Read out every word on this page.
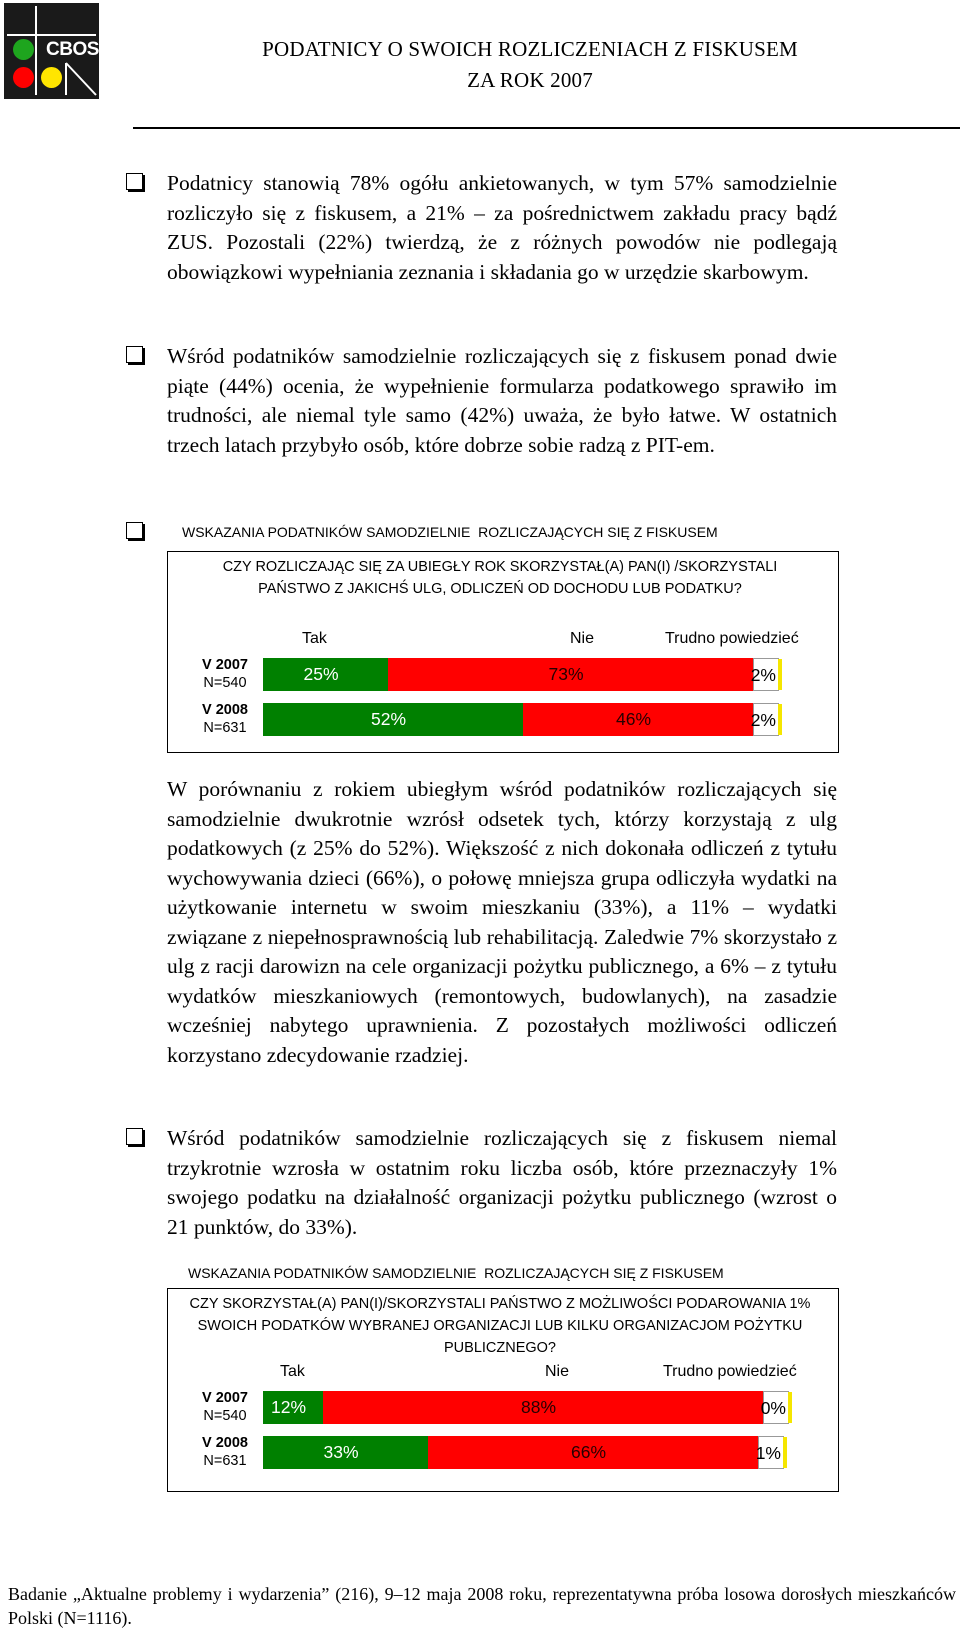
CBOS	PODATNICY O SWOICH ROZLICZENIACH Z FISKUSEM
ZA ROK 2007
Podatnicy stanowią 78% ogółu ankietowanych, w tym 57% samodzielnie rozliczyło się z fiskusem, a 21% – za pośrednictwem zakładu pracy bądź ZUS. Pozostali (22%) twierdzą, że z różnych powodów nie podlegają obowiązkowi wypełniania zeznania i składania go w urzędzie skarbowym.
Wśród podatników samodzielnie rozliczających się z fiskusem ponad dwie piąte (44%) ocenia, że wypełnienie formularza podatkowego sprawiło im trudności, ale niemal tyle samo (42%) uważa, że było łatwe. W ostatnich trzech latach przybyło osób, które dobrze sobie radzą z PIT-em.
WSKAZANIA PODATNIKÓW SAMODZIELNIE  ROZLICZAJĄCYCH SIĘ Z FISKUSEM
CZY ROZLICZAJĄC SIĘ ZA UBIEGŁY ROK SKORZYSTAŁ(A) PAN(I) /SKORZYSTALI PAŃSTWO Z JAKICHŚ ULG, ODLICZEŃ OD DOCHODU LUB PODATKU?
Tak	Nie	Trudno powiedzieć
V 2007
N=540	25%	73%	2%
V 2008
N=631	52%	46%	2%
W porównaniu z rokiem ubiegłym wśród podatników rozliczających się samodzielnie dwukrotnie wzrósł odsetek tych, którzy korzystają z ulg podatkowych (z 25% do 52%). Większość z nich dokonała odliczeń z tytułu wychowywania dzieci (66%), o połowę mniejsza grupa odliczyła wydatki na użytkowanie internetu w swoim mieszkaniu (33%), a 11% – wydatki związane z niepełnosprawnością lub rehabilitacją. Zaledwie 7% skorzystało z ulg z racji darowizn na cele organizacji pożytku publicznego, a 6% – z tytułu wydatków mieszkaniowych (remontowych, budowlanych), na zasadzie wcześniej nabytego uprawnienia. Z pozostałych możliwości odliczeń korzystano zdecydowanie rzadziej.
Wśród podatników samodzielnie rozliczających się z fiskusem niemal trzykrotnie wzrosła w ostatnim roku liczba osób, które przeznaczyły 1% swojego podatku na działalność organizacji pożytku publicznego (wzrost o 21 punktów, do 33%).
WSKAZANIA PODATNIKÓW SAMODZIELNIE  ROZLICZAJĄCYCH SIĘ Z FISKUSEM
CZY SKORZYSTAŁ(A) PAN(I)/SKORZYSTALI PAŃSTWO Z MOŻLIWOŚCI PODAROWANIA 1% SWOICH PODATKÓW WYBRANEJ ORGANIZACJI LUB KILKU ORGANIZACJOM POŻYTKU PUBLICZNEGO?
Tak	Nie	Trudno powiedzieć
V 2007
N=540	12%	88%	0%
V 2008
N=631	33%	66%	1%
Badanie „Aktualne problemy i wydarzenia” (216), 9–12 maja 2008 roku, reprezentatywna próba losowa dorosłych mieszkańców Polski (N=1116).
